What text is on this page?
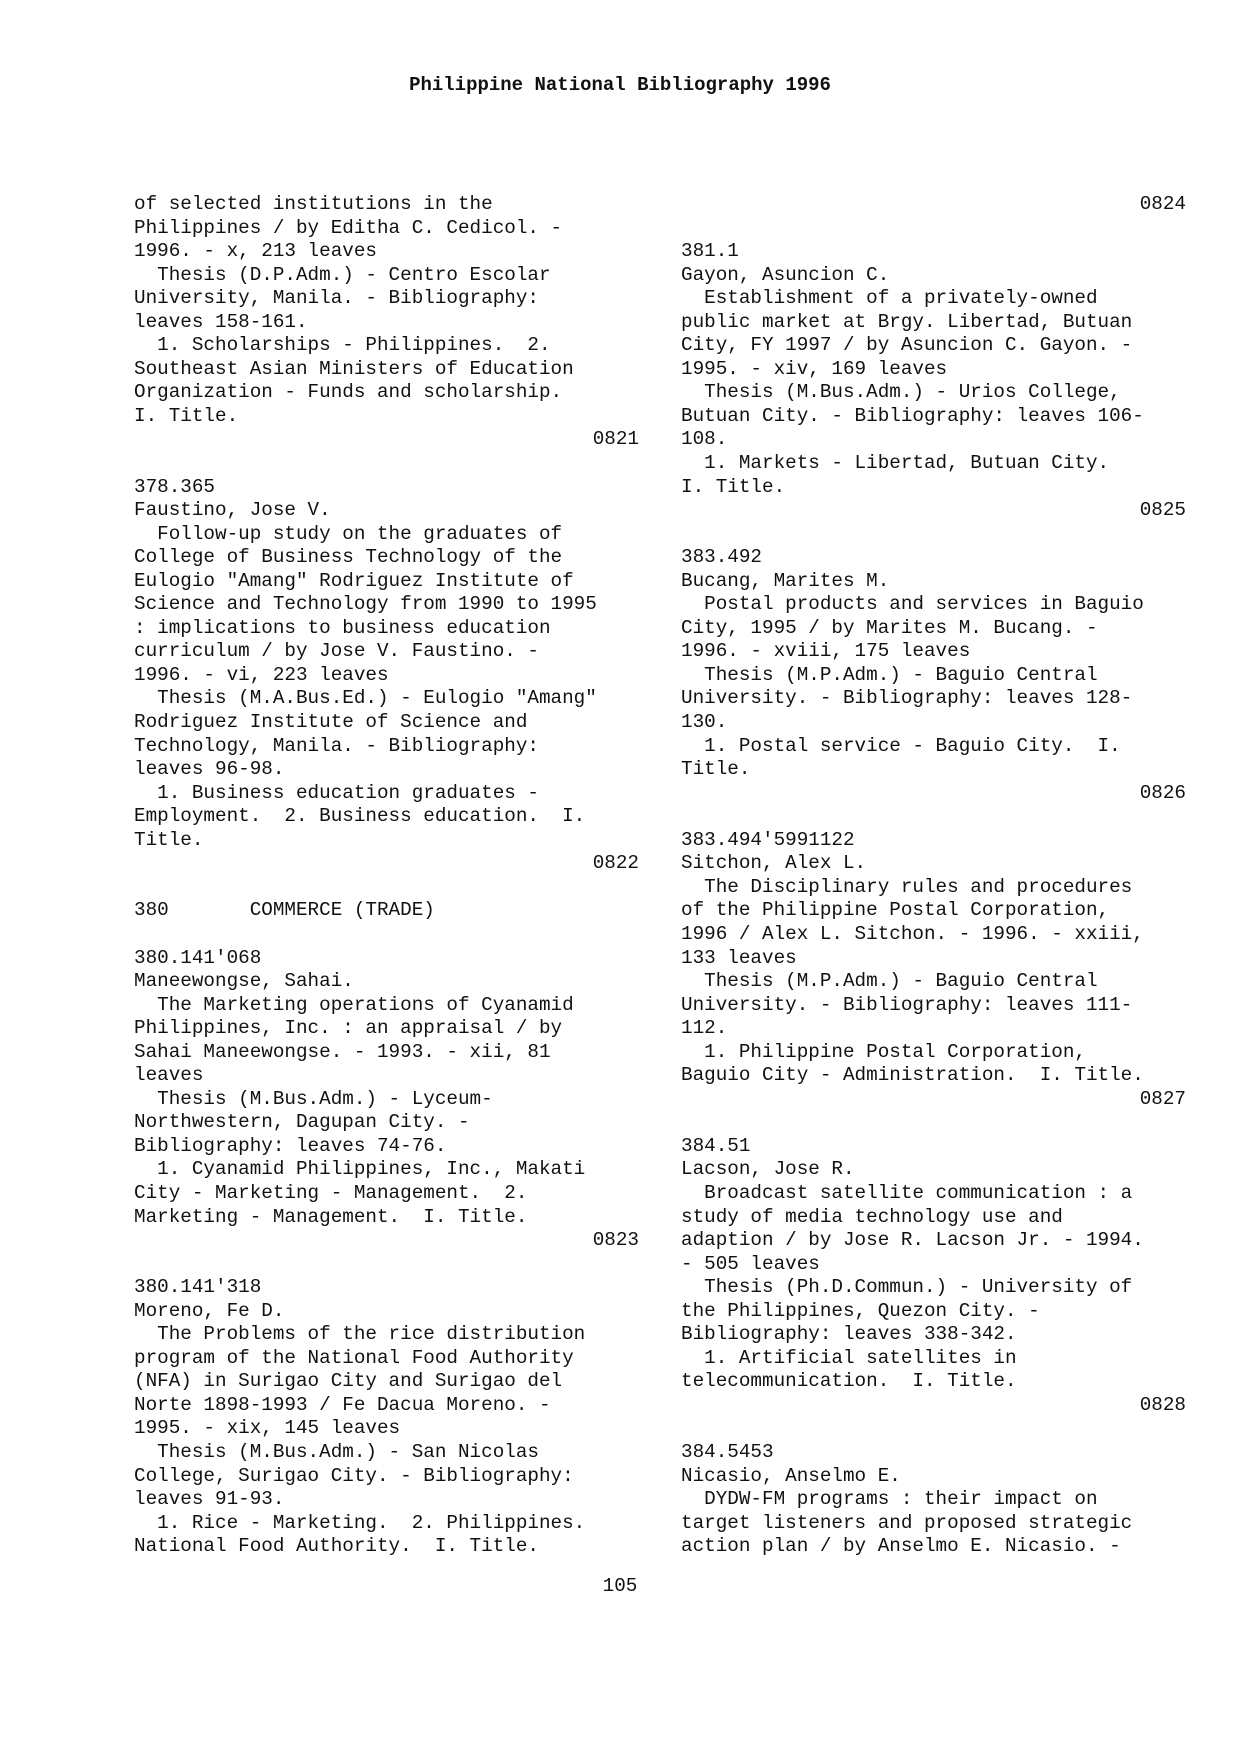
Philippine National Bibliography 1996
of selected institutions in the
Philippines / by Editha C. Cedicol. -
1996. - x, 213 leaves
Thesis (D.P.Adm.) - Centro Escolar
University, Manila. - Bibliography:
leaves 158-161.
1. Scholarships - Philippines.  2.
Southeast Asian Ministers of Education
Organization - Funds and scholarship.
I. Title.
0821
378.365
Faustino, Jose V.
Follow-up study on the graduates of
College of Business Technology of the
Eulogio "Amang" Rodriguez Institute of
Science and Technology from 1990 to 1995
: implications to business education
curriculum / by Jose V. Faustino. -
1996. - vi, 223 leaves
Thesis (M.A.Bus.Ed.) - Eulogio "Amang"
Rodriguez Institute of Science and
Technology, Manila. - Bibliography:
leaves 96-98.
1. Business education graduates -
Employment.  2. Business education.  I.
Title.
0822
380       COMMERCE (TRADE)
380.141'068
Maneewongse, Sahai.
The Marketing operations of Cyanamid
Philippines, Inc. : an appraisal / by
Sahai Maneewongse. - 1993. - xii, 81
leaves
Thesis (M.Bus.Adm.) - Lyceum-
Northwestern, Dagupan City. -
Bibliography: leaves 74-76.
1. Cyanamid Philippines, Inc., Makati
City - Marketing - Management.  2.
Marketing - Management.  I. Title.
0823
380.141'318
Moreno, Fe D.
The Problems of the rice distribution
program of the National Food Authority
(NFA) in Surigao City and Surigao del
Norte 1898-1993 / Fe Dacua Moreno. -
1995. - xix, 145 leaves
Thesis (M.Bus.Adm.) - San Nicolas
College, Surigao City. - Bibliography:
leaves 91-93.
1. Rice - Marketing.  2. Philippines.
National Food Authority.  I. Title.
0824
381.1
Gayon, Asuncion C.
Establishment of a privately-owned
public market at Brgy. Libertad, Butuan
City, FY 1997 / by Asuncion C. Gayon. -
1995. - xiv, 169 leaves
Thesis (M.Bus.Adm.) - Urios College,
Butuan City. - Bibliography: leaves 106-
108.
1. Markets - Libertad, Butuan City.
I. Title.
0825
383.492
Bucang, Marites M.
Postal products and services in Baguio
City, 1995 / by Marites M. Bucang. -
1996. - xviii, 175 leaves
Thesis (M.P.Adm.) - Baguio Central
University. - Bibliography: leaves 128-
130.
1. Postal service - Baguio City.  I.
Title.
0826
383.494'5991122
Sitchon, Alex L.
The Disciplinary rules and procedures
of the Philippine Postal Corporation,
1996 / Alex L. Sitchon. - 1996. - xxiii,
133 leaves
Thesis (M.P.Adm.) - Baguio Central
University. - Bibliography: leaves 111-
112.
1. Philippine Postal Corporation,
Baguio City - Administration.  I. Title.
0827
384.51
Lacson, Jose R.
Broadcast satellite communication : a
study of media technology use and
adaption / by Jose R. Lacson Jr. - 1994.
- 505 leaves
Thesis (Ph.D.Commun.) - University of
the Philippines, Quezon City. -
Bibliography: leaves 338-342.
1. Artificial satellites in
telecommunication.  I. Title.
0828
384.5453
Nicasio, Anselmo E.
DYDW-FM programs : their impact on
target listeners and proposed strategic
action plan / by Anselmo E. Nicasio. -
105
